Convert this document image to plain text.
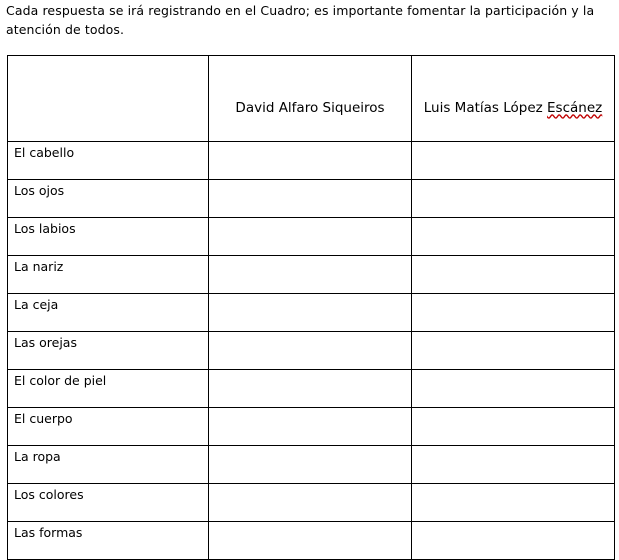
Cada respuesta se irá registrando en el Cuadro; es importante fomentar la participación y la atención de todos.
	David Alfaro Siqueiros	Luis Matías López Escánez
El cabello		
Los ojos		
Los labios		
La nariz		
La ceja		
Las orejas		
El color de piel		
El cuerpo		
La ropa		
Los colores		
Las formas		
